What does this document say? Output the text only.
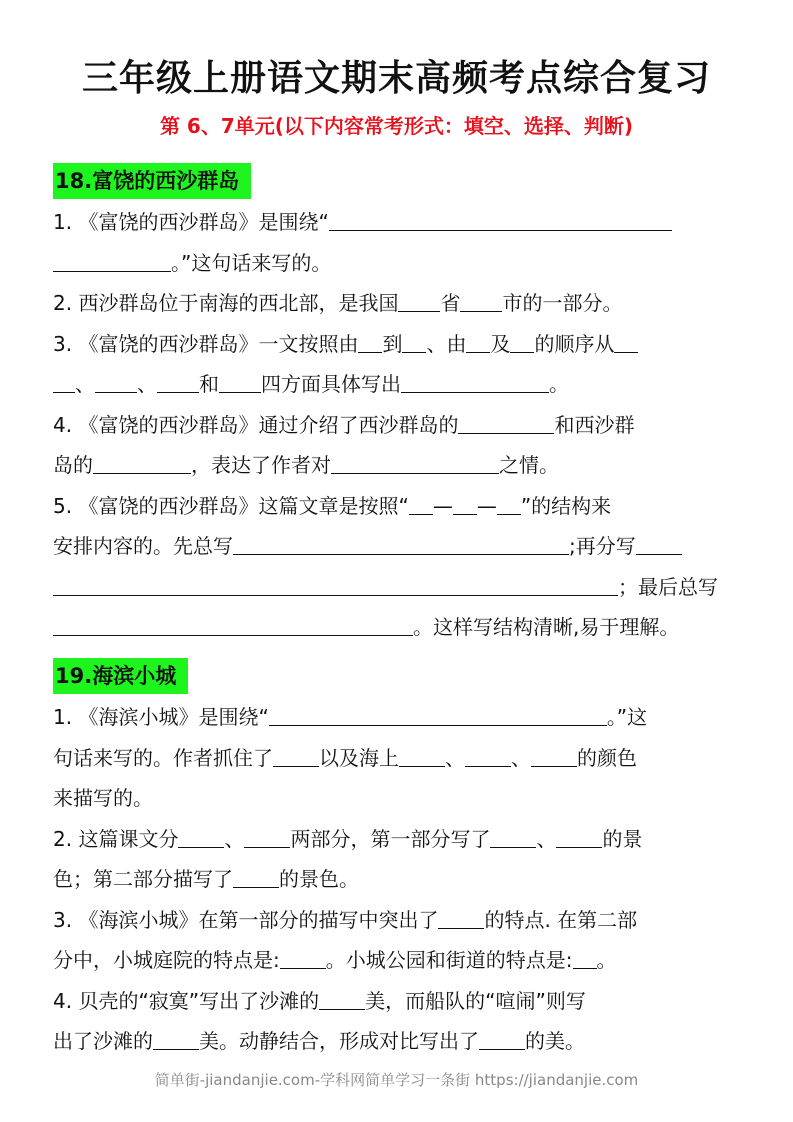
三年级上册语文期末高频考点综合复习
第 6、7单元(以下内容常考形式：填空、选择、判断)
18.富饶的西沙群岛
1. 《富饶的西沙群岛》是围绕“
。”这句话来写的。
2. 西沙群岛位于南海的西北部，是我国 省 市的一部分。
3. 《富饶的西沙群岛》一文按照由 到 、由 及 的顺序从
、 、 和 四方面具体写出	。
4. 《富饶的西沙群岛》通过介绍了西沙群岛的	和西沙群
岛的	，表达了作者对	之情。
5. 《富饶的西沙群岛》这篇文章是按照“ — — ”的结构来
安排内容的。先总写	;再分写
；最后总写
。这样写结构清晰,易于理解。
19.海滨小城
1. 《海滨小城》是围绕“	。”这
句话来写的。作者抓住了 以及海上 、 、 的颜色
来描写的。
2. 这篇课文分 、 两部分，第一部分写了 、 的景
色；第二部分描写了 的景色。
3. 《海滨小城》在第一部分的描写中突出了 的特点. 在第二部
分中，小城庭院的特点是: 。小城公园和街道的特点是: 。
4. 贝壳的“寂寞”写出了沙滩的 美，而船队的“喧闹”则写
出了沙滩的 美。动静结合，形成对比写出了 的美。
简单街-jiandanjie.com-学科网简单学习一条街 https://jiandanjie.com
